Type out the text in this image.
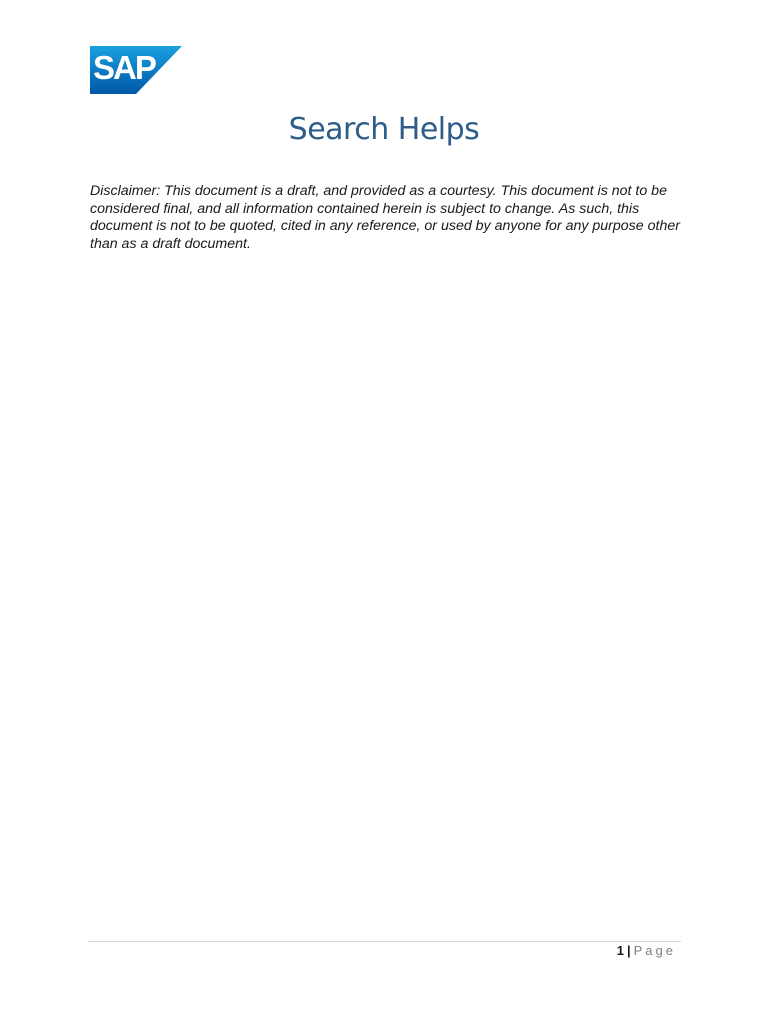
®
SAP
Search Helps
Disclaimer: This document is a draft, and provided as a courtesy. This document is not to be considered final, and all information contained herein is subject to change. As such, this document is not to be quoted, cited in any reference, or used by anyone for any purpose other than as a draft document.
1 | Page
